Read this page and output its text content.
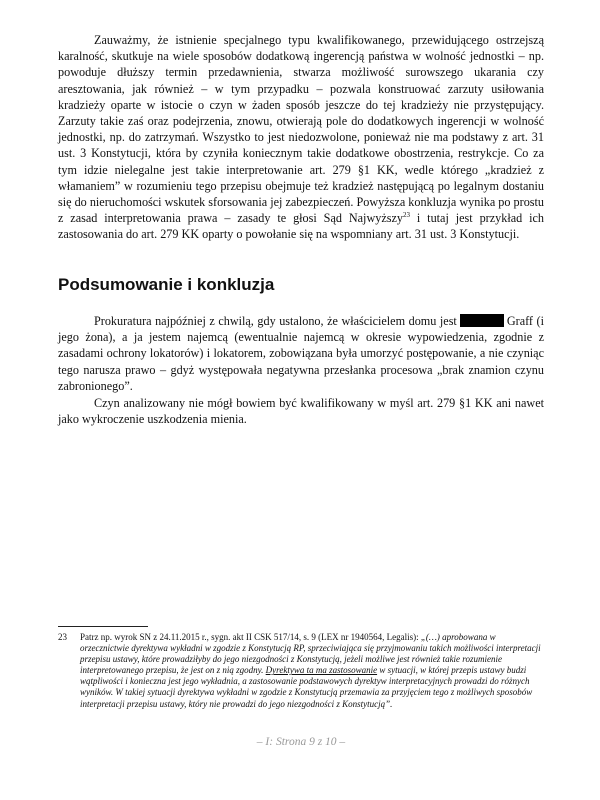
Zauważmy, że istnienie specjalnego typu kwalifikowanego, przewidującego ostrzejszą karalność, skutkuje na wiele sposobów dodatkową ingerencją państwa w wolność jednostki – np. powoduje dłuższy termin przedawnienia, stwarza możliwość surowszego ukarania czy aresztowania, jak również – w tym przypadku – pozwala konstruować zarzuty usiłowania kradzieży oparte w istocie o czyn w żaden sposób jeszcze do tej kradzieży nie przystępujący. Zarzuty takie zaś oraz podejrzenia, znowu, otwierają pole do dodatkowych ingerencji w wolność jednostki, np. do zatrzymań. Wszystko to jest niedozwolone, ponieważ nie ma podstawy z art. 31 ust. 3 Konstytucji, która by czyniła koniecznym takie dodatkowe obostrzenia, restrykcje. Co za tym idzie nielegalne jest takie interpretowanie art. 279 §1 KK, wedle którego „kradzież z włamaniem” w rozumieniu tego przepisu obejmuje też kradzież następującą po legalnym dostaniu się do nieruchomości wskutek sforsowania jej zabezpieczeń. Powyższa konkluzja wynika po prostu z zasad interpretowania prawa – zasady te głosi Sąd Najwyższy$^{23}$ i tutaj jest przykład ich zastosowania do art. 279 KK oparty o powołanie się na wspomniany art. 31 ust. 3 Konstytucji.

Podsumowanie i konkluzja

Prokuratura najpóźniej z chwilą, gdy ustalono, że właścicielem domu jest	Graff (i jego żona), a ja jestem najemcą (ewentualnie najemcą w okresie wypowiedzenia, zgodnie z zasadami ochrony lokatorów) i lokatorem, zobowiązana była umorzyć postępowanie, a nie czyniąc tego narusza prawo – gdyż występowała negatywna przesłanka procesowa „brak znamion czynu zabronionego”.

Czyn analizowany nie mógł bowiem być kwalifikowany w myśl art. 279 §1 KK ani nawet jako wykroczenie uszkodzenia mienia.

23 Patrz np. wyrok SN z 24.11.2015 r., sygn. akt II CSK 517/14, s. 9 (LEX nr 1940564, Legalis): „(…) aprobowana w orzecznictwie dyrektywa wykładni w zgodzie z Konstytucją RP, sprzeciwiająca się przyjmowaniu takich możliwości interpretacji przepisu ustawy, które prowadziłyby do jego niezgodności z Konstytucją, jeżeli możliwe jest również takie rozumienie interpretowanego przepisu, że jest on z nią zgodny. Dyrektywa ta ma zastosowanie w sytuacji, w której przepis ustawy budzi wątpliwości i konieczna jest jego wykładnia, a zastosowanie podstawowych dyrektyw interpretacyjnych prowadzi do różnych wyników. W takiej sytuacji dyrektywa wykładni w zgodzie z Konstytucją przemawia za przyjęciem tego z możliwych sposobów interpretacji przepisu ustawy, który nie prowadzi do jego niezgodności z Konstytucją”.
– I: Strona 9 z 10 –
